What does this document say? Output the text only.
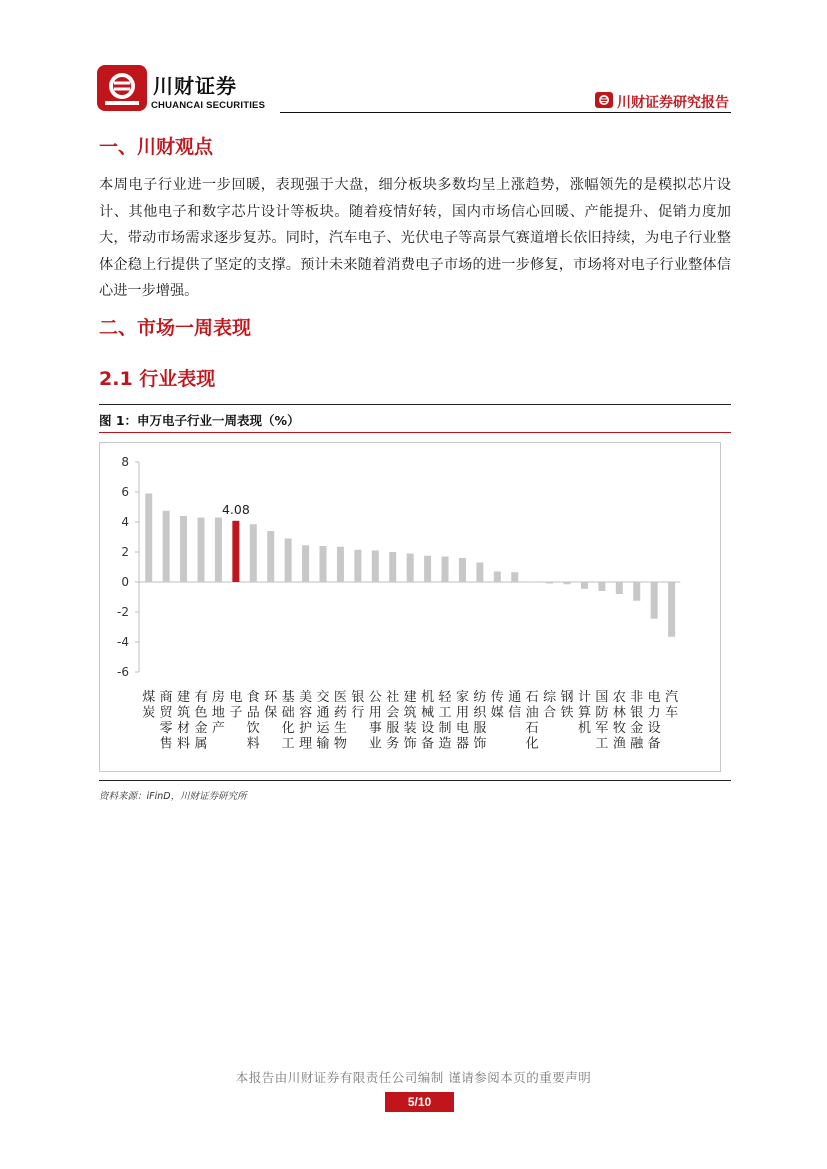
川财证券
CHUANCAI SECURITIES	川财证券研究报告
一、川财观点
本周电子行业进一步回暖，表现强于大盘，细分板块多数均呈上涨趋势，涨幅领先的是模拟芯片设计、其他电子和数字芯片设计等板块。随着疫情好转，国内市场信心回暖、产能提升、促销力度加大，带动市场需求逐步复苏。同时，汽车电子、光伏电子等高景气赛道增长依旧持续，为电子行业整体企稳上行提供了坚定的支撑。预计未来随着消费电子市场的进一步修复，市场将对电子行业整体信心进一步增强。
二、市场一周表现
2.1 行业表现
图 1：申万电子行业一周表现（%）
8
6
4
2
0
-2
-4
-6
4.08
煤炭
商贸零售
建筑材料
有色金属
房地产
电子
食品饮料
环保
基础化工
美容护理
交通运输
医药生物
银行
公用事业
社会服务
建筑装饰
机械设备
轻工制造
家用电器
纺织服饰
传媒
通信
石油石化
综合
钢铁
计算机
国防军工
农林牧渔
非银金融
电力设备
汽车
资料来源：iFinD，川财证券研究所
本报告由川财证券有限责任公司编制 谨请参阅本页的重要声明
5/10
